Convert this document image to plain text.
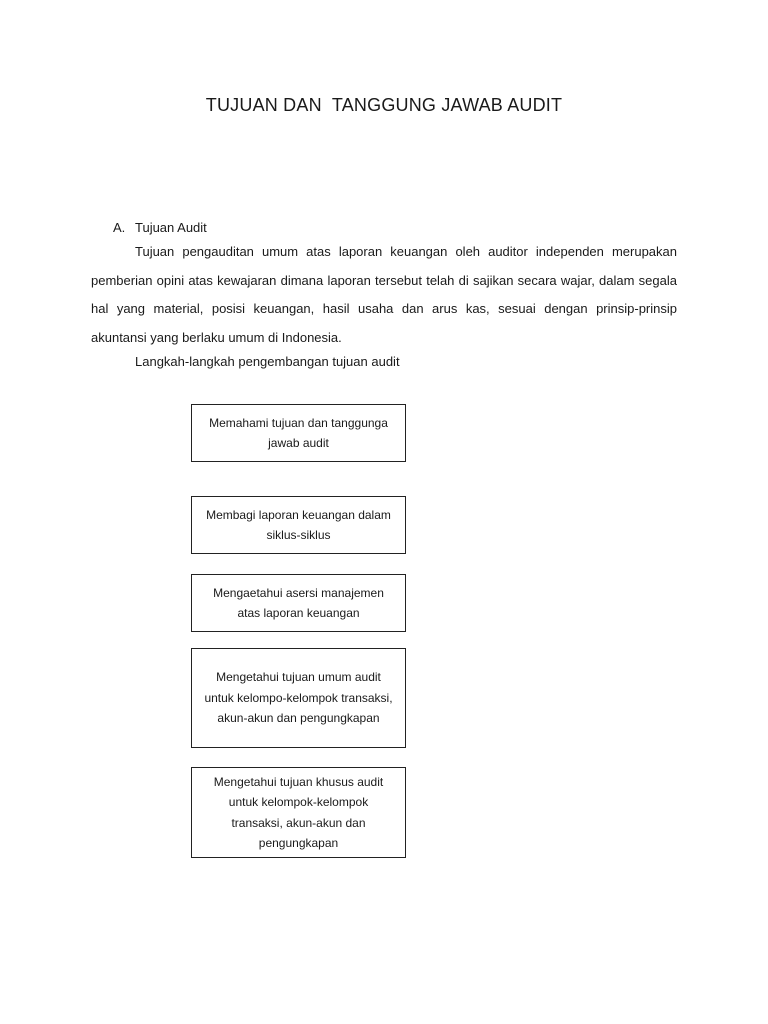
TUJUAN DAN  TANGGUNG JAWAB AUDIT
A. Tujuan Audit

Tujuan pengauditan umum atas laporan keuangan oleh auditor independen merupakan pemberian opini atas kewajaran dimana laporan tersebut telah di sajikan secara wajar, dalam segala hal yang material, posisi keuangan, hasil usaha dan arus kas, sesuai dengan prinsip-prinsip akuntansi yang berlaku umum di Indonesia.

Langkah-langkah pengembangan tujuan audit
Memahami tujuan dan tanggunga jawab audit
Membagi laporan keuangan dalam siklus-siklus
Mengaetahui asersi manajemen atas laporan keuangan
Mengetahui tujuan umum audit untuk kelompo-kelompok transaksi, akun-akun dan pengungkapan
Mengetahui tujuan khusus audit untuk kelompok-kelompok transaksi, akun-akun dan pengungkapan
